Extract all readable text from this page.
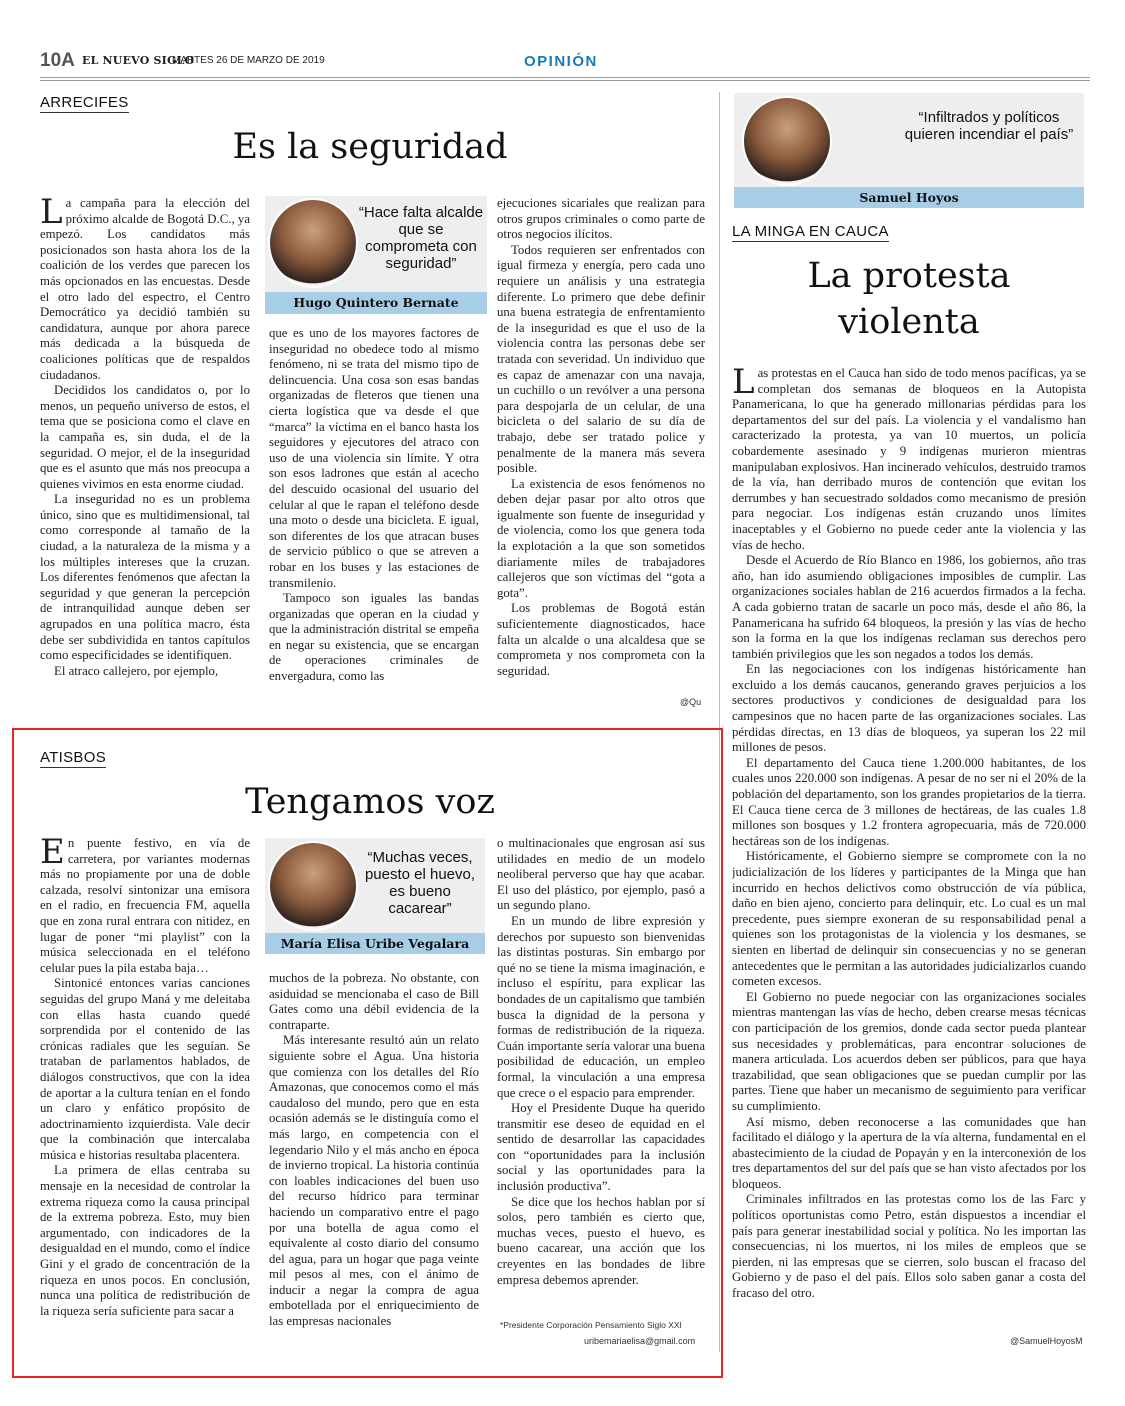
10A EL NUEVO SIGLO
MARTES 26 DE MARZO DE 2019	OPINIÓN
ARRECIFES
Es la seguridad

La campaña para la elección del próximo alcalde de Bogotá D.C., ya empezó. Los candidatos más posicionados son hasta ahora los de la coalición de los verdes que parecen los más opcionados en las encuestas. Desde el otro lado del espectro, el Centro Democrático ya decidió también su candidatura, aunque por ahora parece más dedicada a la búsqueda de coaliciones políticas que de respaldos ciudadanos.

Decididos los candidatos o, por lo menos, un pequeño universo de estos, el tema que se posiciona como el clave en la campaña es, sin duda, el de la seguridad. O mejor, el de la inseguridad que es el asunto que más nos preocupa a quienes vivimos en esta enorme ciudad.

La inseguridad no es un problema único, sino que es multidimensional, tal como corresponde al tamaño de la ciudad, a la naturaleza de la misma y a los múltiples intereses que la cruzan. Los diferentes fenómenos que afectan la seguridad y que generan la percepción de intranquilidad aunque deben ser agrupados en una política macro, ésta debe ser subdividida en tantos capítulos como especificidades se identifiquen.

El atraco callejero, por ejemplo,

“Hace falta alcalde que se comprometa con seguridad”
Hugo Quintero Bernate

que es uno de los mayores factores de inseguridad no obedece todo al mismo fenómeno, ni se trata del mismo tipo de delincuencia. Una cosa son esas bandas organizadas de fleteros que tienen una cierta logística que va desde el que “marca” la víctima en el banco hasta los seguidores y ejecutores del atraco con uso de una violencia sin límite. Y otra son esos ladrones que están al acecho del descuido ocasional del usuario del celular al que le rapan el teléfono desde una moto o desde una bicicleta. E igual, son diferentes de los que atracan buses de servicio público o que se atreven a robar en los buses y las estaciones de transmilenio.

Tampoco son iguales las bandas organizadas que operan en la ciudad y que la administración distrital se empeña en negar su existencia, que se encargan de operaciones criminales de envergadura, como las

ejecuciones sicariales que realizan para otros grupos criminales o como parte de otros negocios ilícitos.

Todos requieren ser enfrentados con igual firmeza y energía, pero cada uno requiere un análisis y una estrategia diferente. Lo primero que debe definir una buena estrategia de enfrentamiento de la inseguridad es que el uso de la violencia contra las personas debe ser tratada con severidad. Un individuo que es capaz de amenazar con una navaja, un cuchillo o un revólver a una persona para despojarla de un celular, de una bicicleta o del salario de su día de trabajo, debe ser tratado police y penalmente de la manera más severa posible.

La existencia de esos fenómenos no deben dejar pasar por alto otros que igualmente son fuente de inseguridad y de violencia, como los que genera toda la explotación a la que son sometidos diariamente miles de trabajadores callejeros que son víctimas del “gota a gota”.

Los problemas de Bogotá están suficientemente diagnosticados, hace falta un alcalde o una alcaldesa que se comprometa y nos comprometa con la seguridad.

@Qu
“Infiltrados y políticos quieren incendiar el país”
Samuel Hoyos
LA MINGA EN CAUCA
La protesta
violenta

Las protestas en el Cauca han sido de todo menos pacíficas, ya se completan dos semanas de bloqueos en la Autopista Panamericana, lo que ha generado millonarias pérdidas para los departamentos del sur del país. La violencia y el vandalismo han caracterizado la protesta, ya van 10 muertos, un policía cobardemente asesinado y 9 indígenas murieron mientras manipulaban explosivos. Han incinerado vehículos, destruido tramos de la vía, han derribado muros de contención que evitan los derrumbes y han secuestrado soldados como mecanismo de presión para negociar. Los indígenas están cruzando unos límites inaceptables y el Gobierno no puede ceder ante la violencia y las vías de hecho.

Desde el Acuerdo de Río Blanco en 1986, los gobiernos, año tras año, han ido asumiendo obligaciones imposibles de cumplir. Las organizaciones sociales hablan de 216 acuerdos firmados a la fecha. A cada gobierno tratan de sacarle un poco más, desde el año 86, la Panamericana ha sufrido 64 bloqueos, la presión y las vías de hecho son la forma en la que los indígenas reclaman sus derechos pero también privilegios que les son negados a todos los demás.

En las negociaciones con los indígenas históricamente han excluido a los demás caucanos, generando graves perjuicios a los sectores productivos y condiciones de desigualdad para los campesinos que no hacen parte de las organizaciones sociales. Las pérdidas directas, en 13 días de bloqueos, ya superan los 22 mil millones de pesos.

El departamento del Cauca tiene 1.200.000 habitantes, de los cuales unos 220.000 son indígenas. A pesar de no ser ni el 20% de la población del departamento, son los grandes propietarios de la tierra. El Cauca tiene cerca de 3 millones de hectáreas, de las cuales 1.8 millones son bosques y 1.2 frontera agropecuaria, más de 720.000 hectáreas son de los indígenas.

Históricamente, el Gobierno siempre se compromete con la no judicialización de los líderes y participantes de la Minga que han incurrido en hechos delictivos como obstrucción de vía pública, daño en bien ajeno, concierto para delinquir, etc. Lo cual es un mal precedente, pues siempre exoneran de su responsabilidad penal a quienes son los protagonistas de la violencia y los desmanes, se sienten en libertad de delinquir sin consecuencias y no se generan antecedentes que le permitan a las autoridades judicializarlos cuando cometen excesos.

El Gobierno no puede negociar con las organizaciones sociales mientras mantengan las vías de hecho, deben crearse mesas técnicas con participación de los gremios, donde cada sector pueda plantear sus necesidades y problemáticas, para encontrar soluciones de manera articulada. Los acuerdos deben ser públicos, para que haya trazabilidad, que sean obligaciones que se puedan cumplir por las partes. Tiene que haber un mecanismo de seguimiento para verificar su cumplimiento.

Así mismo, deben reconocerse a las comunidades que han facilitado el diálogo y la apertura de la vía alterna, fundamental en el abastecimiento de la ciudad de Popayán y en la interconexión de los tres departamentos del sur del país que se han visto afectados por los bloqueos.

Criminales infiltrados en las protestas como los de las Farc y políticos oportunistas como Petro, están dispuestos a incendiar el país para generar inestabilidad social y política. No les importan las consecuencias, ni los muertos, ni los miles de empleos que se pierden, ni las empresas que se cierren, solo buscan el fracaso del Gobierno y de paso el del país. Ellos solo saben ganar a costa del fracaso del otro.

@SamuelHoyosM
ATISBOS
Tengamos voz

En puente festivo, en vía de carretera, por variantes modernas más no propiamente por una de doble calzada, resolví sintonizar una emisora en el radio, en frecuencia FM, aquella que en zona rural entrara con nitidez, en lugar de poner “mi playlist” con la música seleccionada en el teléfono celular pues la pila estaba baja…

Sintonicé entonces varias canciones seguidas del grupo Maná y me deleitaba con ellas hasta cuando quedé sorprendida por el contenido de las crónicas radiales que les seguían. Se trataban de parlamentos hablados, de diálogos constructivos, que con la idea de aportar a la cultura tenían en el fondo un claro y enfático propósito de adoctrinamiento izquierdista. Vale decir que la combinación que intercalaba música e historias resultaba placentera.

La primera de ellas centraba su mensaje en la necesidad de controlar la extrema riqueza como la causa principal de la extrema pobreza. Esto, muy bien argumentado, con indicadores de la desigualdad en el mundo, como el índice Gini y el grado de concentración de la riqueza en unos pocos. En conclusión, nunca una política de redistribución de la riqueza sería suficiente para sacar a

“Muchas veces, puesto el huevo, es bueno cacarear”
María Elisa Uribe Vegalara

muchos de la pobreza. No obstante, con asiduidad se mencionaba el caso de Bill Gates como una débil evidencia de la contraparte.

Más interesante resultó aún un relato siguiente sobre el Agua. Una historia que comienza con los detalles del Río Amazonas, que conocemos como el más caudaloso del mundo, pero que en esta ocasión además se le distinguía como el más largo, en competencia con el legendario Nilo y el más ancho en época de invierno tropical. La historia continúa con loables indicaciones del buen uso del recurso hídrico para terminar haciendo un comparativo entre el pago por una botella de agua como el equivalente al costo diario del consumo del agua, para un hogar que paga veinte mil pesos al mes, con el ánimo de inducir a negar la compra de agua embotellada por el enriquecimiento de las empresas nacionales

o multinacionales que engrosan así sus utilidades en medio de un modelo neoliberal perverso que hay que acabar. El uso del plástico, por ejemplo, pasó a un segundo plano.

En un mundo de libre expresión y derechos por supuesto son bienvenidas las distintas posturas. Sin embargo por qué no se tiene la misma imaginación, e incluso el espíritu, para explicar las bondades de un capitalismo que también busca la dignidad de la persona y formas de redistribución de la riqueza. Cuán importante sería valorar una buena posibilidad de educación, un empleo formal, la vinculación a una empresa que crece o el espacio para emprender.

Hoy el Presidente Duque ha querido transmitir ese deseo de equidad en el sentido de desarrollar las capacidades con “oportunidades para la inclusión social y las oportunidades para la inclusión productiva”.

Se dice que los hechos hablan por sí solos, pero también es cierto que, muchas veces, puesto el huevo, es bueno cacarear, una acción que los creyentes en las bondades de libre empresa debemos aprender.

*Presidente Corporación Pensamiento Siglo XXI
uribemariaelisa@gmail.com
